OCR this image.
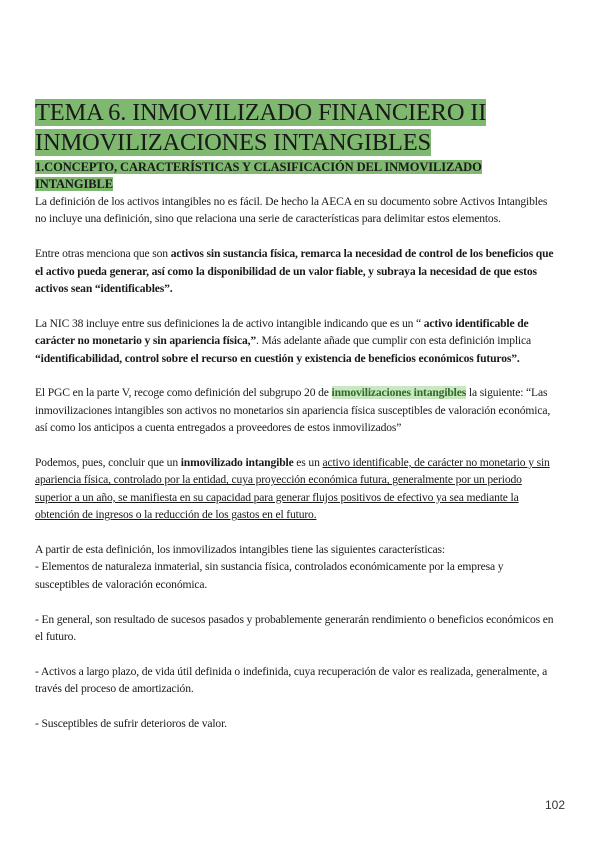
TEMA 6. INMOVILIZADO FINANCIERO II
INMOVILIZACIONES INTANGIBLES
1.CONCEPTO, CARACTERÍSTICAS Y CLASIFICACIÓN DEL INMOVILIZADO
INTANGIBLE

La definición de los activos intangibles no es fácil. De hecho la AECA en su documento sobre Activos Intangibles no incluye una definición, sino que relaciona una serie de características para delimitar estos elementos.

Entre otras menciona que son activos sin sustancia física, remarca la necesidad de control de los beneficios que el activo pueda generar, así como la disponibilidad de un valor fiable, y subraya la necesidad de que estos activos sean “identificables”.

La NIC 38 incluye entre sus definiciones la de activo intangible indicando que es un “ activo identificable de carácter no monetario y sin apariencia física,”. Más adelante añade que cumplir con esta definición implica “identificabilidad, control sobre el recurso en cuestión y existencia de beneficios económicos futuros”.

El PGC en la parte V, recoge como definición del subgrupo 20 de inmovilizaciones intangibles la siguiente: “Las inmovilizaciones intangibles son activos no monetarios sin apariencia física susceptibles de valoración económica, así como los anticipos a cuenta entregados a proveedores de estos inmovilizados”

Podemos, pues, concluir que un inmovilizado intangible es un activo identificable, de carácter no monetario y sin apariencia física, controlado por la entidad, cuya proyección económica futura, generalmente por un periodo superior a un año, se manifiesta en su capacidad para generar flujos positivos de efectivo ya sea mediante la obtención de ingresos o la reducción de los gastos en el futuro.

A partir de esta definición, los inmovilizados intangibles tiene las siguientes características:
- Elementos de naturaleza inmaterial, sin sustancia física, controlados económicamente por la empresa y susceptibles de valoración económica.

- En general, son resultado de sucesos pasados y probablemente generarán rendimiento o beneficios económicos en el futuro.

- Activos a largo plazo, de vida útil definida o indefinida, cuya recuperación de valor es realizada, generalmente, a través del proceso de amortización.

- Susceptibles de sufrir deterioros de valor.

102
